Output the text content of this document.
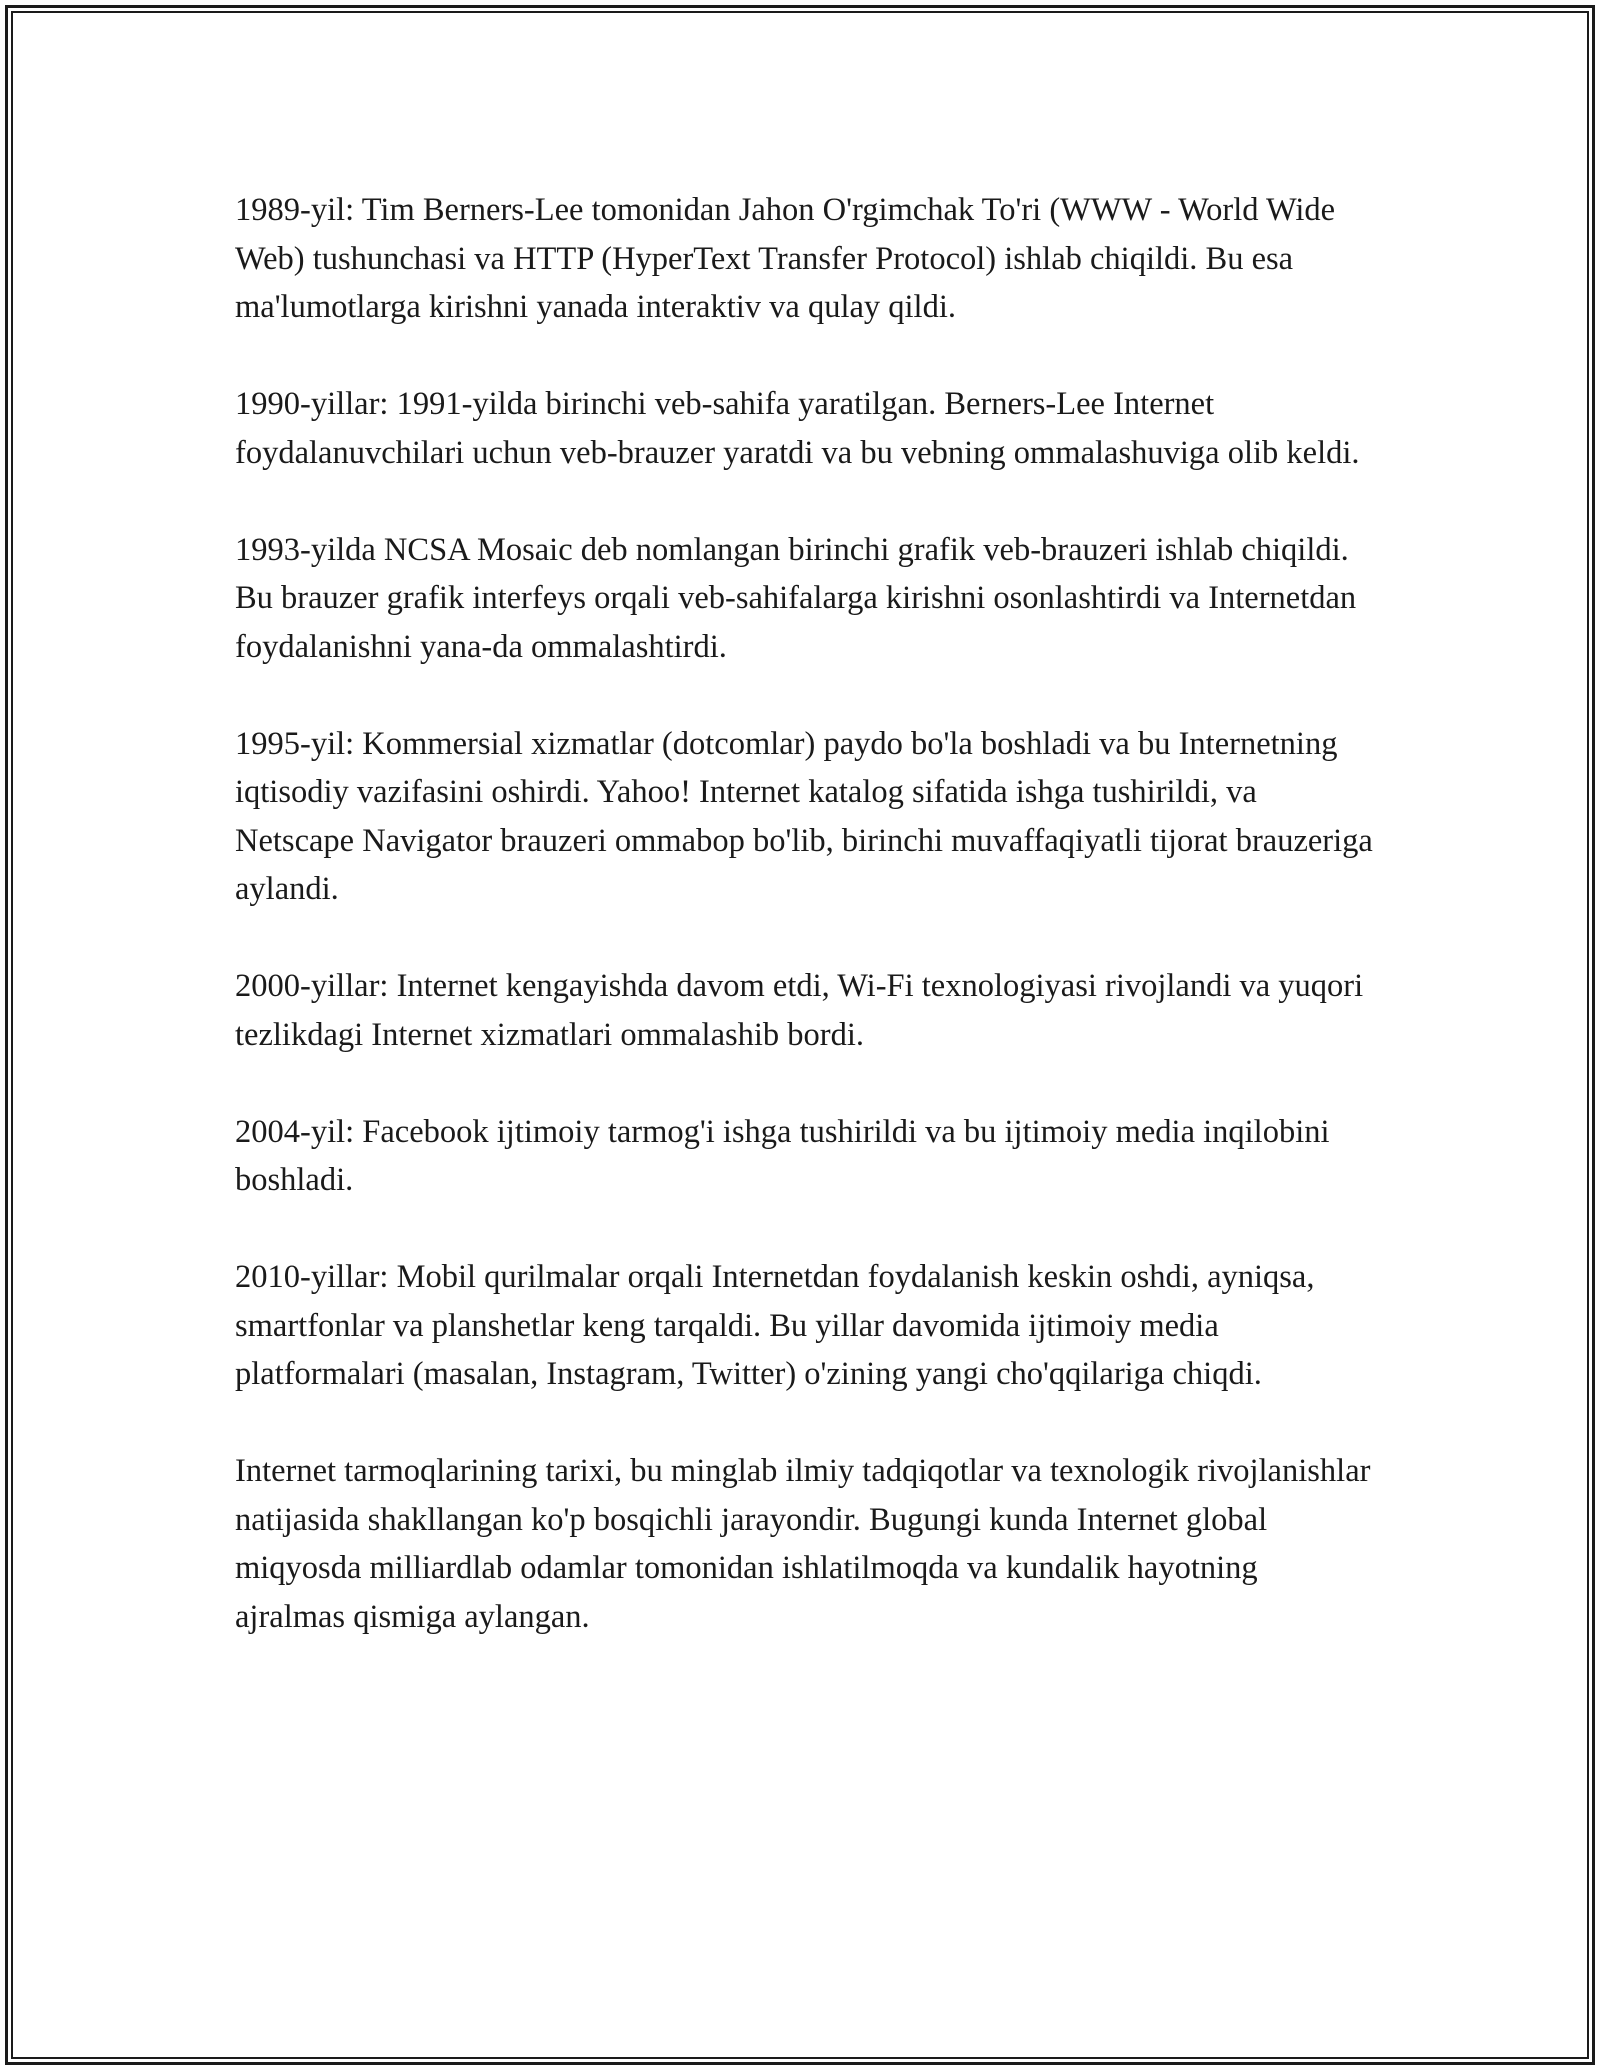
1989-yil: Tim Berners-Lee tomonidan Jahon O'rgimchak To'ri (WWW - World Wide Web) tushunchasi va HTTP (HyperText Transfer Protocol) ishlab chiqildi. Bu esa ma'lumotlarga kirishni yanada interaktiv va qulay qildi.

1990-yillar: 1991-yilda birinchi veb-sahifa yaratilgan. Berners-Lee Internet foydalanuvchilari uchun veb-brauzer yaratdi va bu vebning ommalashuviga olib keldi.

1993-yilda NCSA Mosaic deb nomlangan birinchi grafik veb-brauzeri ishlab chiqildi. Bu brauzer grafik interfeys orqali veb-sahifalarga kirishni osonlashtirdi va Internetdan foydalanishni yana-da ommalashtirdi.

1995-yil: Kommersial xizmatlar (dotcomlar) paydo bo'la boshladi va bu Internetning iqtisodiy vazifasini oshirdi. Yahoo! Internet katalog sifatida ishga tushirildi, va Netscape Navigator brauzeri ommabop bo'lib, birinchi muvaffaqiyatli tijorat brauzeriga aylandi.

2000-yillar: Internet kengayishda davom etdi, Wi-Fi texnologiyasi rivojlandi va yuqori tezlikdagi Internet xizmatlari ommalashib bordi.

2004-yil: Facebook ijtimoiy tarmog'i ishga tushirildi va bu ijtimoiy media inqilobini boshladi.

2010-yillar: Mobil qurilmalar orqali Internetdan foydalanish keskin oshdi, ayniqsa, smartfonlar va planshetlar keng tarqaldi. Bu yillar davomida ijtimoiy media platformalari (masalan, Instagram, Twitter) o'zining yangi cho'qqilariga chiqdi.

Internet tarmoqlarining tarixi, bu minglab ilmiy tadqiqotlar va texnologik rivojlanishlar natijasida shakllangan ko'p bosqichli jarayondir. Bugungi kunda Internet global miqyosda milliardlab odamlar tomonidan ishlatilmoqda va kundalik hayotning ajralmas qismiga aylangan.
